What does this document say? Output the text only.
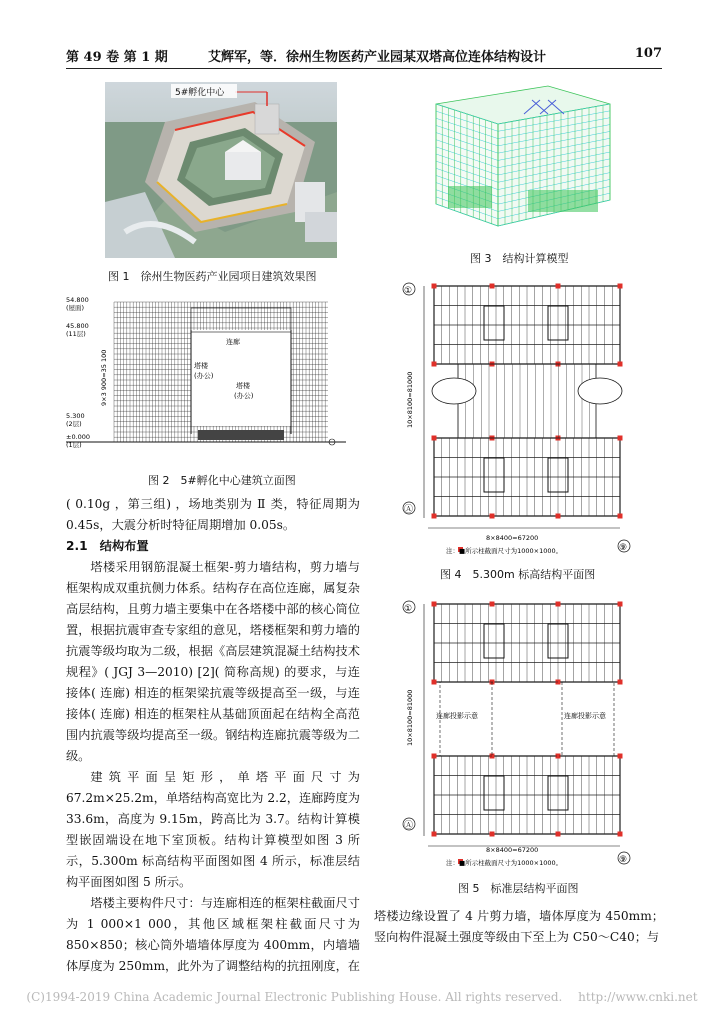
第 49 卷 第 1 期	艾辉军，等．徐州生物医药产业园某双塔高位连体结构设计	107
5#孵化中心
图 1　徐州生物医药产业园项目建筑效果图
连廊
塔楼
(办公)
塔楼
(办公)
54.800
(屋面)
45.800
(11层)
5.300
(2层)
±0.000
(1层)
9×3 900=35 100
图 2　5#孵化中心建筑立面图
图 3　结构计算模型
①
Ⓐ
⑨
10×8100=81000
8×8400=67200
注：■所示柱截面尺寸为1000×1000。
图 4　5.300m 标高结构平面图
连廊投影示意	连廊投影示意
①
Ⓐ
⑨
10×8100=81000
8×8400=67200
注：■所示柱截面尺寸为1000×1000。
图 5　标准层结构平面图

( 0.10g ，第三组) ，场地类别为 Ⅱ 类，特征周期为 0.45s，大震分析时特征周期增加 0.05s。

2.1　结构布置

塔楼采用钢筋混凝土框架-剪力墙结构，剪力墙与框架构成双重抗侧力体系。结构存在高位连廊，属复杂高层结构，且剪力墙主要集中在各塔楼中部的核心筒位置，根据抗震审查专家组的意见，塔楼框架和剪力墙的抗震等级均取为二级，根据《高层建筑混凝土结构技术规程》( JGJ 3—2010) [2]( 简称高规) 的要求，与连接体( 连廊) 相连的框架梁抗震等级提高至一级，与连接体( 连廊) 相连的框架柱从基础顶面起在结构全高范围内抗震等级均提高至一级。钢结构连廊抗震等级为二级。

建筑平面呈矩形，单塔平面尺寸为 67.2m×25.2m，单塔结构高宽比为 2.2，连廊跨度为 33.6m，高度为 9.15m，跨高比为 3.7。结构计算模型嵌固端设在地下室顶板。结构计算模型如图 3 所示，5.300m 标高结构平面图如图 4 所示，标准层结构平面图如图 5 所示。

塔楼主要构件尺寸：与连廊相连的框架柱截面尺寸为 1 000×1 000，其他区域框架柱截面尺寸为 850×850；核心筒外墙墙体厚度为 400mm，内墙墙体厚度为 250mm，此外为了调整结构的抗扭刚度，在

塔楼边缘设置了 4 片剪力墙，墙体厚度为 450mm；竖向构件混凝土强度等级由下至上为 C50～C40；与

(C)1994-2019 China Academic Journal Electronic Publishing House. All rights reserved.　 http://www.cnki.net
